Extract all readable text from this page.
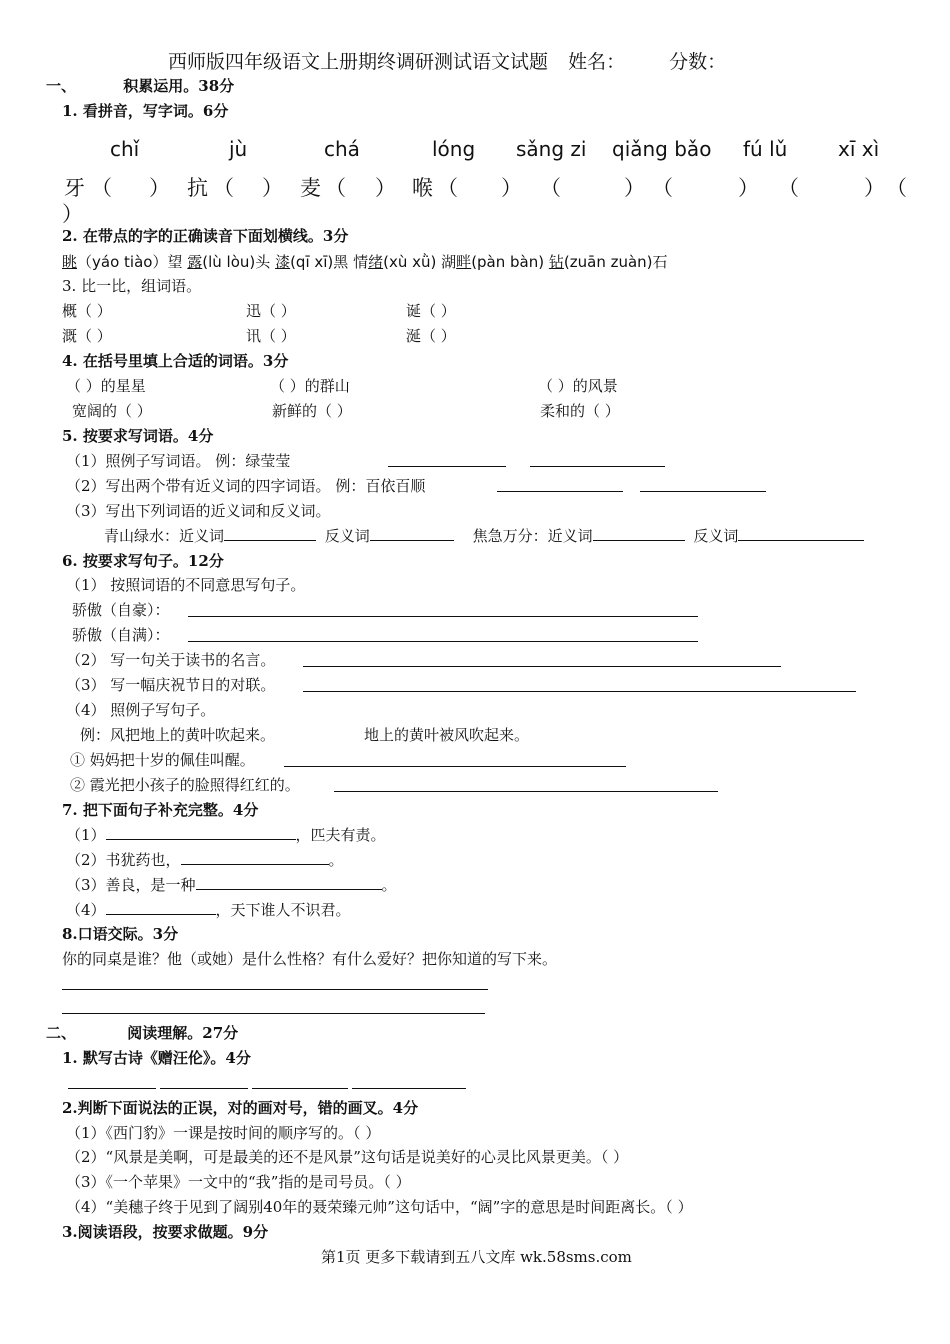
西师版四年级语文上册期终调研测试语文试题 姓名： 分数：
一、	积累运用。38分
1. 看拼音，写字词。6分
chǐ	jù	chá	lóng sǎng zi qiǎng bǎo fú lǔ	xī xì
牙 （ ） 抗 （ ） 麦 （ ） 喉 （ ） （	） （	） （	） （
）
2. 在带点的字的正确读音下面划横线。3分
眺（yáo tiào）望 露(lù lòu)头 漆(qī xī)黑 情绪(xù xǜ) 湖畔(pàn bàn) 钻(zuān zuàn)石
3. 比一比，组词语。
概（ ）	迅（ ）	诞（ ）
溉（ ）	讯（ ）	涎（ ）
4. 在括号里填上合适的词语。3分
（ ）的星星	（ ）的群山	（ ）的风景
宽阔的（ ）	新鲜的（ ）	柔和的（ ）
5. 按要求写词语。4分
（1）照例子写词语。 例：绿莹莹
（2）写出两个带有近义词的四字词语。 例：百依百顺
（3）写出下列词语的近义词和反义词。
青山绿水：近义词	反义词	焦急万分：近义词	反义词
6. 按要求写句子。12分
（1） 按照词语的不同意思写句子。
骄傲（自豪）：
骄傲（自满）：
（2） 写一句关于读书的名言。
（3） 写一幅庆祝节日的对联。
（4） 照例子写句子。
例：风把地上的黄叶吹起来。	地上的黄叶被风吹起来。
① 妈妈把十岁的佩佳叫醒。
② 霞光把小孩子的脸照得红红的。
7. 把下面句子补充完整。4分
（1）	，匹夫有责。
（2）书犹药也，	。
（3）善良，是一种	。
（4）	，天下谁人不识君。
8.口语交际。3分
你的同桌是谁？他（或她）是什么性格？有什么爱好？把你知道的写下来。
二、	阅读理解。27分
1. 默写古诗《赠汪伦》。4分
2.判断下面说法的正误，对的画对号，错的画叉。4分
（1）《西门豹》一课是按时间的顺序写的。（ ）
（2）“风景是美啊，可是最美的还不是风景”这句话是说美好的心灵比风景更美。（ ）
（3）《一个苹果》一文中的“我”指的是司号员。（ ）
（4）“美穗子终于见到了阔别40年的聂荣臻元帅”这句话中，“阔”字的意思是时间距离长。（ ）
3.阅读语段，按要求做题。9分
第1页 更多下载请到五八文库 wk.58sms.com
